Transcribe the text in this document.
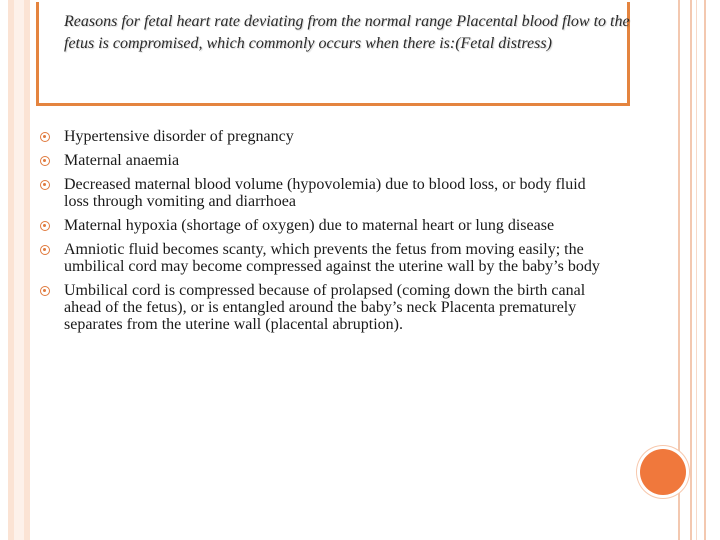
Reasons for fetal heart rate deviating from the normal range Placental blood flow to the fetus is compromised, which commonly occurs when there is:(Fetal distress)
Hypertensive disorder of pregnancy
Maternal anaemia
Decreased maternal blood volume (hypovolemia) due to blood loss, or body fluid loss through vomiting and diarrhoea
Maternal hypoxia (shortage of oxygen) due to maternal heart or lung disease
Amniotic fluid becomes scanty, which prevents the fetus from moving easily; the umbilical cord may become compressed against the uterine wall by the baby’s body
Umbilical cord is compressed because of prolapsed (coming down the birth canal ahead of the fetus), or is entangled around the baby’s neck Placenta prematurely separates from the uterine wall (placental abruption).
